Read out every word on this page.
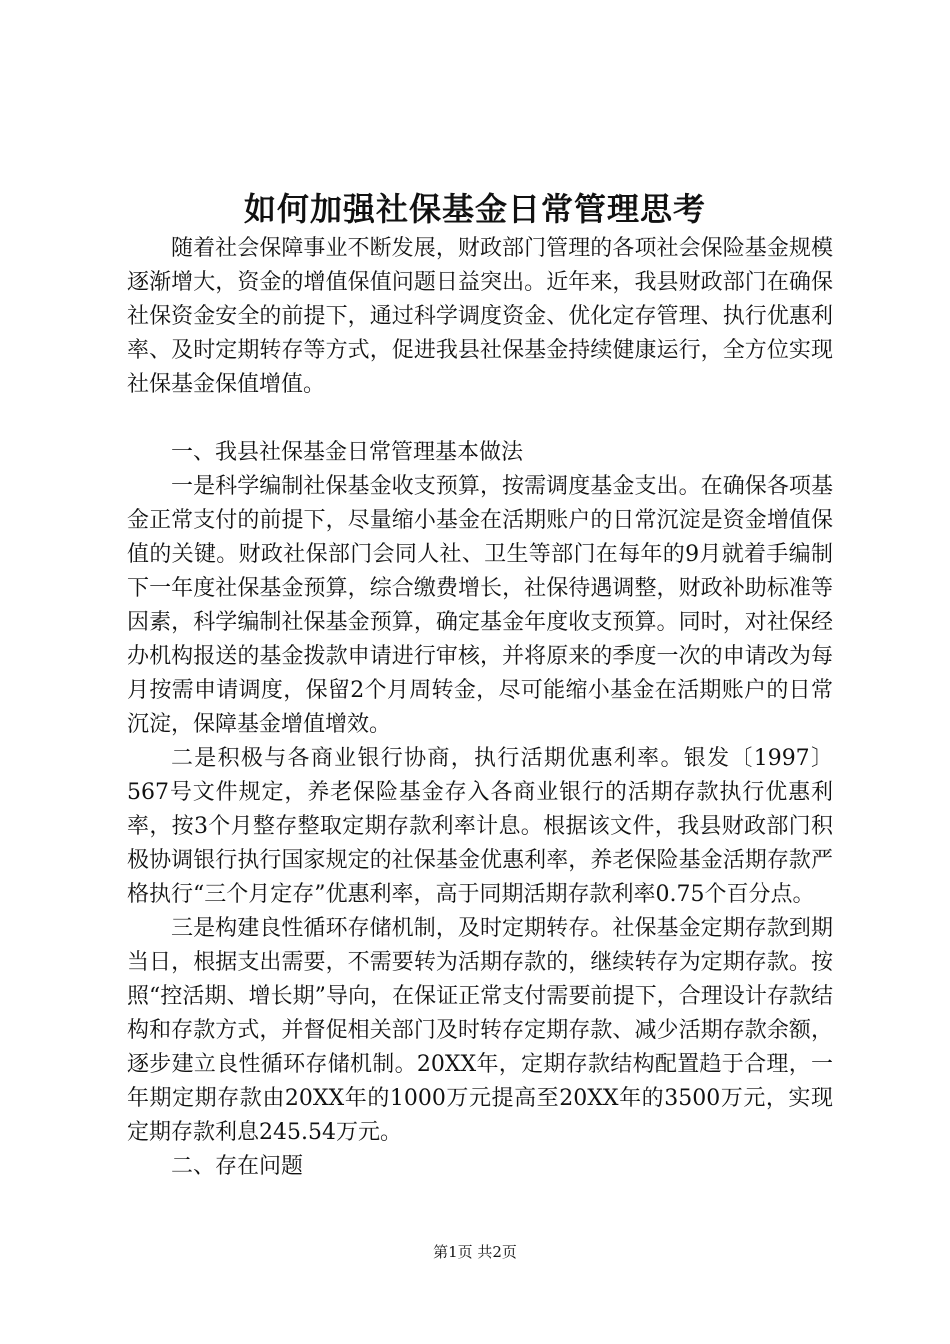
如何加强社保基金日常管理思考

随着社会保障事业不断发展，财政部门管理的各项社会保险基金规模逐渐增大，资金的增值保值问题日益突出。近年来，我县财政部门在确保社保资金安全的前提下，通过科学调度资金、优化定存管理、执行优惠利率、及时定期转存等方式，促进我县社保基金持续健康运行，全方位实现社保基金保值增值。

一、我县社保基金日常管理基本做法

一是科学编制社保基金收支预算，按需调度基金支出。在确保各项基金正常支付的前提下，尽量缩小基金在活期账户的日常沉淀是资金增值保值的关键。财政社保部门会同人社、卫生等部门在每年的9月就着手编制下一年度社保基金预算，综合缴费增长，社保待遇调整，财政补助标准等因素，科学编制社保基金预算，确定基金年度收支预算。同时，对社保经办机构报送的基金拨款申请进行审核，并将原来的季度一次的申请改为每月按需申请调度，保留2个月周转金，尽可能缩小基金在活期账户的日常沉淀，保障基金增值增效。

二是积极与各商业银行协商，执行活期优惠利率。银发〔1997〕567号文件规定，养老保险基金存入各商业银行的活期存款执行优惠利率，按3个月整存整取定期存款利率计息。根据该文件，我县财政部门积极协调银行执行国家规定的社保基金优惠利率，养老保险基金活期存款严格执行“三个月定存”优惠利率，高于同期活期存款利率0.75个百分点。

三是构建良性循环存储机制，及时定期转存。社保基金定期存款到期当日，根据支出需要，不需要转为活期存款的，继续转存为定期存款。按照“控活期、增长期”导向，在保证正常支付需要前提下，合理设计存款结构和存款方式，并督促相关部门及时转存定期存款、减少活期存款余额，逐步建立良性循环存储机制。20XX年，定期存款结构配置趋于合理，一年期定期存款由20XX年的1000万元提高至20XX年的3500万元，实现定期存款利息245.54万元。

二、存在问题

第1页 共2页
